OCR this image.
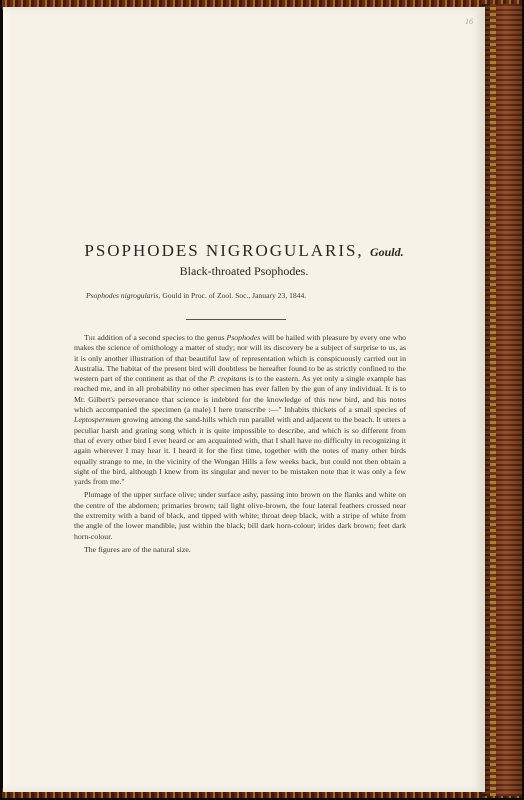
16
PSOPHODES NIGROGULARIS, Gould.
Black-throated Psophodes.
Psophodes nigrogularis, Gould in Proc. of Zool. Soc., January 23, 1844.

The addition of a second species to the genus Psophodes will be hailed with pleasure by every one who makes the science of ornithology a matter of study; nor will its discovery be a subject of surprise to us, as it is only another illustration of that beautiful law of representation which is conspicuously carried out in Australia. The habitat of the present bird will doubtless be hereafter found to be as strictly confined to the western part of the continent as that of the P. crepitans is to the eastern. As yet only a single example has reached me, and in all probability no other specimen has ever fallen by the gun of any individual. It is to Mr. Gilbert's perseverance that science is indebted for the knowledge of this new bird, and his notes which accompanied the specimen (a male) I here transcribe :—" Inhabits thickets of a small species of Leptospermum growing among the sand-hills which run parallel with and adjacent to the beach. It utters a peculiar harsh and grating song which it is quite impossible to describe, and which is so different from that of every other bird I ever heard or am acquainted with, that I shall have no difficulty in recognizing it again wherever I may hear it. I heard it for the first time, together with the notes of many other birds equally strange to me, in the vicinity of the Wongan Hills a few weeks back, but could not then obtain a sight of the bird, although I knew from its singular and never to be mistaken note that it was only a few yards from me."

Plumage of the upper surface olive; under surface ashy, passing into brown on the flanks and white on the centre of the abdomen; primaries brown; tail light olive-brown, the four lateral feathers crossed near the extremity with a band of black, and tipped with white; throat deep black, with a stripe of white from the angle of the lower mandible, just within the black; bill dark horn-colour; irides dark brown; feet dark horn-colour.

The figures are of the natural size.
